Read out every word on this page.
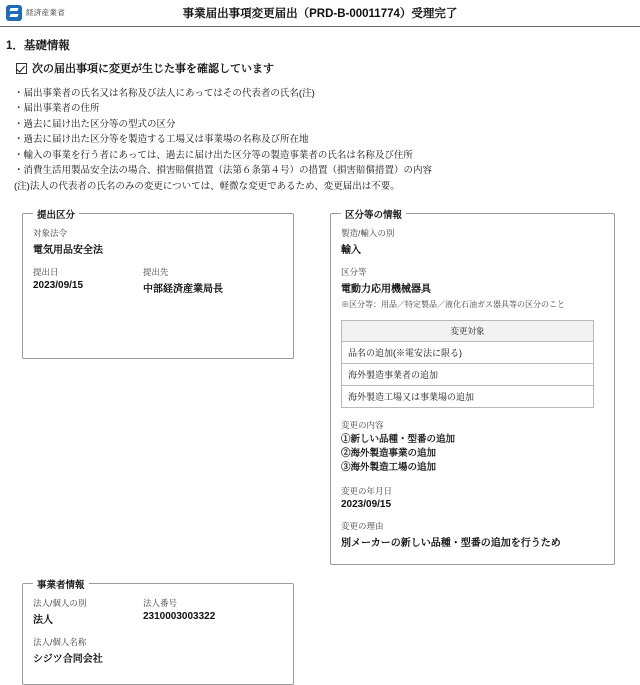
経済産業省	事業届出事項変更届出（PRD-B-00011774）受理完了
1．基礎情報
次の届出事項に変更が生じた事を確認しています
・届出事業者の氏名又は名称及び法人にあってはその代表者の氏名(注)
・届出事業者の住所
・過去に届け出た区分等の型式の区分
・過去に届け出た区分等を製造する工場又は事業場の名称及び所在地
・輸入の事業を行う者にあっては、過去に届け出た区分等の製造事業者の氏名は名称及び住所
・消費生活用製品安全法の場合、損害賠償措置（法第６条第４号）の措置（損害賠償措置）の内容
(注)法人の代表者の氏名のみの変更については、軽微な変更であるため、変更届出は不要。
提出区分
対象法令
電気用品安全法
提出日
2023/09/15
提出先
中部経済産業局長
区分等の情報
製造/輸入の別
輸入
区分等
電動力応用機械器具
※区分等：用品／特定製品／液化石油ガス器具等の区分のこと
変更対象
品名の追加(※電安法に限る)
海外製造事業者の追加
海外製造工場又は事業場の追加
変更の内容
①新しい品種・型番の追加
②海外製造事業の追加
③海外製造工場の追加
変更の年月日
2023/09/15
変更の理由
別メーカーの新しい品種・型番の追加を行うため
事業者情報
法人/個人の別
法人
法人番号
2310003003322
法人/個人名称
シジツ合同会社
